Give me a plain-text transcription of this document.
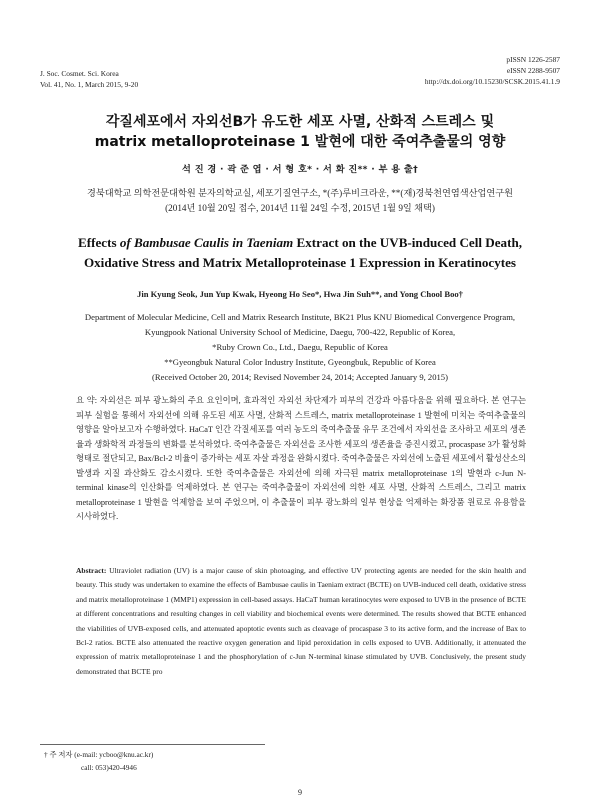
J. Soc. Cosmet. Sci. Korea
Vol. 41, No. 1, March 2015, 9-20
pISSN 1226-2587
eISSN 2288-9507
http://dx.doi.org/10.15230/SCSK.2015.41.1.9
각질세포에서 자외선B가 유도한 세포 사멸, 산화적 스트레스 및
matrix metalloproteinase 1 발현에 대한 죽여추출물의 영향
석 진 경 · 곽 준 엽 · 서 형 호* · 서 화 진** · 부 용 출†
경북대학교 의학전문대학원 분자의학교실, 세포기질연구소, *(주)루비크라운, **(재)경북천연염색산업연구원
(2014년 10월 20일 접수, 2014년 11월 24일 수정, 2015년 1월 9일 채택)
Effects of Bambusae Caulis in Taeniam Extract on the UVB-induced Cell Death,
Oxidative Stress and Matrix Metalloproteinase 1 Expression in Keratinocytes
Jin Kyung Seok, Jun Yup Kwak, Hyeong Ho Seo*, Hwa Jin Suh**, and Yong Chool Boo†
Department of Molecular Medicine, Cell and Matrix Research Institute, BK21 Plus KNU Biomedical Convergence Program,
Kyungpook National University School of Medicine, Daegu, 700-422, Republic of Korea,
*Ruby Crown Co., Ltd., Daegu, Republic of Korea
**Gyeongbuk Natural Color Industry Institute, Gyeongbuk, Republic of Korea
(Received October 20, 2014; Revised November 24, 2014; Accepted January 9, 2015)
요 약: 자외선은 피부 광노화의 주요 요인이며, 효과적인 자외선 차단제가 피부의 건강과 아름다움을 위해 필요하다. 본 연구는 피부 실험을 통해서 자외선에 의해 유도된 세포 사멸, 산화적 스트레스, matrix metalloproteinase 1 발현에 미치는 죽여추출물의 영향을 알아보고자 수행하였다. HaCaT 인간 각질세포를 여러 농도의 죽여추출물 유무 조건에서 자외선을 조사하고 세포의 생존율과 생화학적 과정들의 변화를 분석하였다. 죽여추출물은 자외선을 조사한 세포의 생존율을 증진시켰고, procaspase 3가 활성화 형태로 절단되고, Bax/Bcl-2 비율이 증가하는 세포 자살 과정을 완화시켰다. 죽여추출물은 자외선에 노출된 세포에서 활성산소의 발생과 지질 과산화도 감소시켰다. 또한 죽여추출물은 자외선에 의해 자극된 matrix metalloproteinase 1의 발현과 c-Jun N-terminal kinase의 인산화를 억제하였다. 본 연구는 죽여추출물이 자외선에 의한 세포 사멸, 산화적 스트레스, 그리고 matrix metalloproteinase 1 발현을 억제함을 보여 주었으며, 이 추출물이 피부 광노화의 일부 현상을 억제하는 화장품 원료로 유용함을 시사하였다.
Abstract: Ultraviolet radiation (UV) is a major cause of skin photoaging, and effective UV protecting agents are needed for the skin health and beauty. This study was undertaken to examine the effects of Bambusae caulis in Taeniam extract (BCTE) on UVB-induced cell death, oxidative stress and matrix metalloproteinase 1 (MMP1) expression in cell-based assays. HaCaT human keratinocytes were exposed to UVB in the presence of BCTE at different concentrations and resulting changes in cell viability and biochemical events were determined. The results showed that BCTE enhanced the viabilities of UVB-exposed cells, and attenuated apoptotic events such as cleavage of procaspase 3 to its active form, and the increase of Bax to Bcl-2 ratios. BCTE also attenuated the reactive oxygen generation and lipid peroxidation in cells exposed to UVB. Additionally, it attenuated the expression of matrix metalloproteinase 1 and the phosphorylation of c-Jun N-terminal kinase stimulated by UVB. Conclusively, the present study demonstrated that BCTE pro
† 주 저자 (e-mail: ycboo@knu.ac.kr)
call: 053)420-4946
9
